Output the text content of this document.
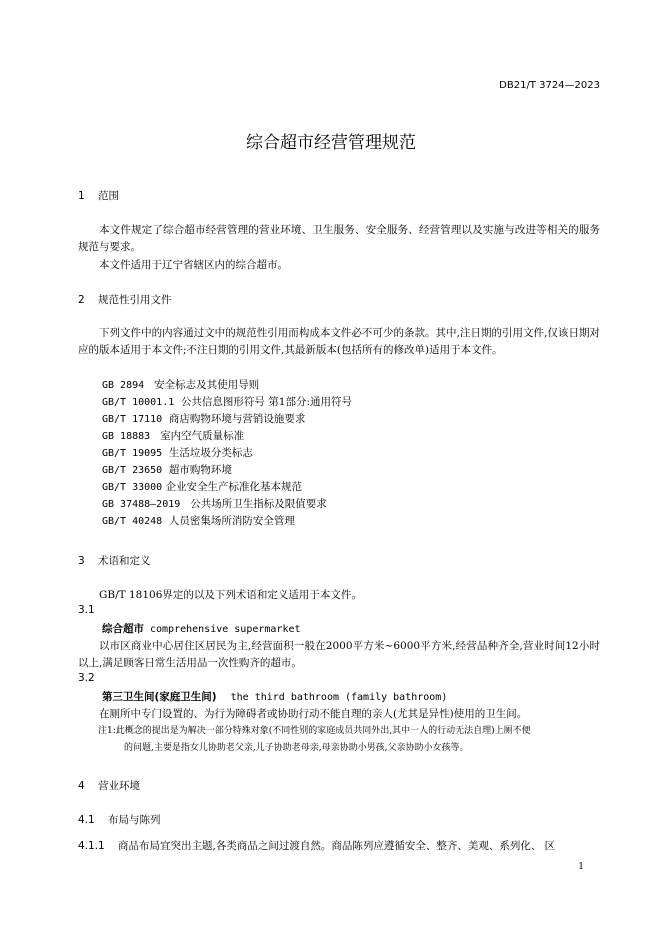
DB21/T 3724—2023
综合超市经营管理规范
1 范围
本文件规定了综合超市经营管理的营业环境、卫生服务、安全服务、经营管理以及实施与改进等相关的服务规范与要求。
本文件适用于辽宁省辖区内的综合超市。
2 规范性引用文件
下列文件中的内容通过文中的规范性引用而构成本文件必不可少的条款。其中,注日期的引用文件,仅该日期对应的版本适用于本文件;不注日期的引用文件,其最新版本(包括所有的修改单)适用于本文件。
GB 2894 安全标志及其使用导则
GB/T 10001.1 公共信息图形符号 第1部分:通用符号
GB/T 17110 商店购物环境与营销设施要求
GB 18883 室内空气质量标准
GB/T 19095 生活垃圾分类标志
GB/T 23650 超市购物环境
GB/T 33000 企业安全生产标准化基本规范
GB 37488—2019 公共场所卫生指标及限值要求
GB/T 40248 人员密集场所消防安全管理
3 术语和定义
GB/T 18106界定的以及下列术语和定义适用于本文件。
3.1
综合超市 comprehensive supermarket
以市区商业中心居住区居民为主,经营面积一般在2000平方米~6000平方米,经营品种齐全,营业时间12小时以上,满足顾客日常生活用品一次性购齐的超市。
3.2
第三卫生间(家庭卫生间) the third bathroom (family bathroom)
在厕所中专门设置的、为行为障碍者或协助行动不能自理的亲人(尤其是异性)使用的卫生间。
注1:此概念的提出是为解决一部分特殊对象(不同性别的家庭成员共同外出,其中一人的行动无法自理)上厕不便
的问题,主要是指女儿协助老父亲,儿子协助老母亲,母亲协助小男孩,父亲协助小女孩等。
4 营业环境
4.1 布局与陈列
4.1.1 商品布局宜突出主题,各类商品之间过渡自然。商品陈列应遵循安全、整齐、美观、系列化、 区
1
